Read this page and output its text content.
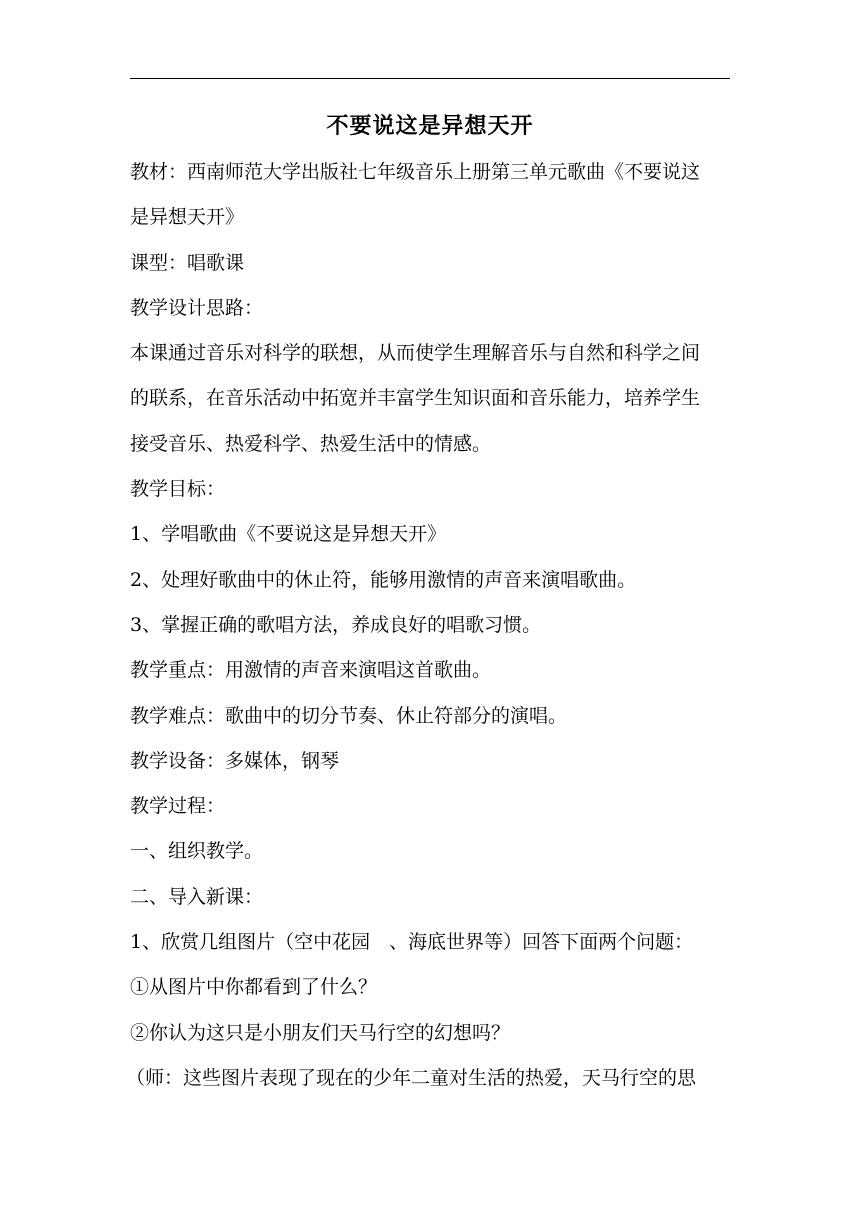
不要说这是异想天开
教材：西南师范大学出版社七年级音乐上册第三单元歌曲《不要说这
是异想天开》
课型：唱歌课
教学设计思路：
本课通过音乐对科学的联想，从而使学生理解音乐与自然和科学之间
的联系，在音乐活动中拓宽并丰富学生知识面和音乐能力，培养学生
接受音乐、热爱科学、热爱生活中的情感。
教学目标：
1、学唱歌曲《不要说这是异想天开》
2、处理好歌曲中的休止符，能够用激情的声音来演唱歌曲。
3、掌握正确的歌唱方法，养成良好的唱歌习惯。
教学重点：用激情的声音来演唱这首歌曲。
教学难点：歌曲中的切分节奏、休止符部分的演唱。
教学设备：多媒体，钢琴
教学过程：
一、组织教学。
二、导入新课：
1、欣赏几组图片（空中花园　、海底世界等）回答下面两个问题：
①从图片中你都看到了什么？
②你认为这只是小朋友们天马行空的幻想吗？
（师：这些图片表现了现在的少年二童对生活的热爱，天马行空的思
